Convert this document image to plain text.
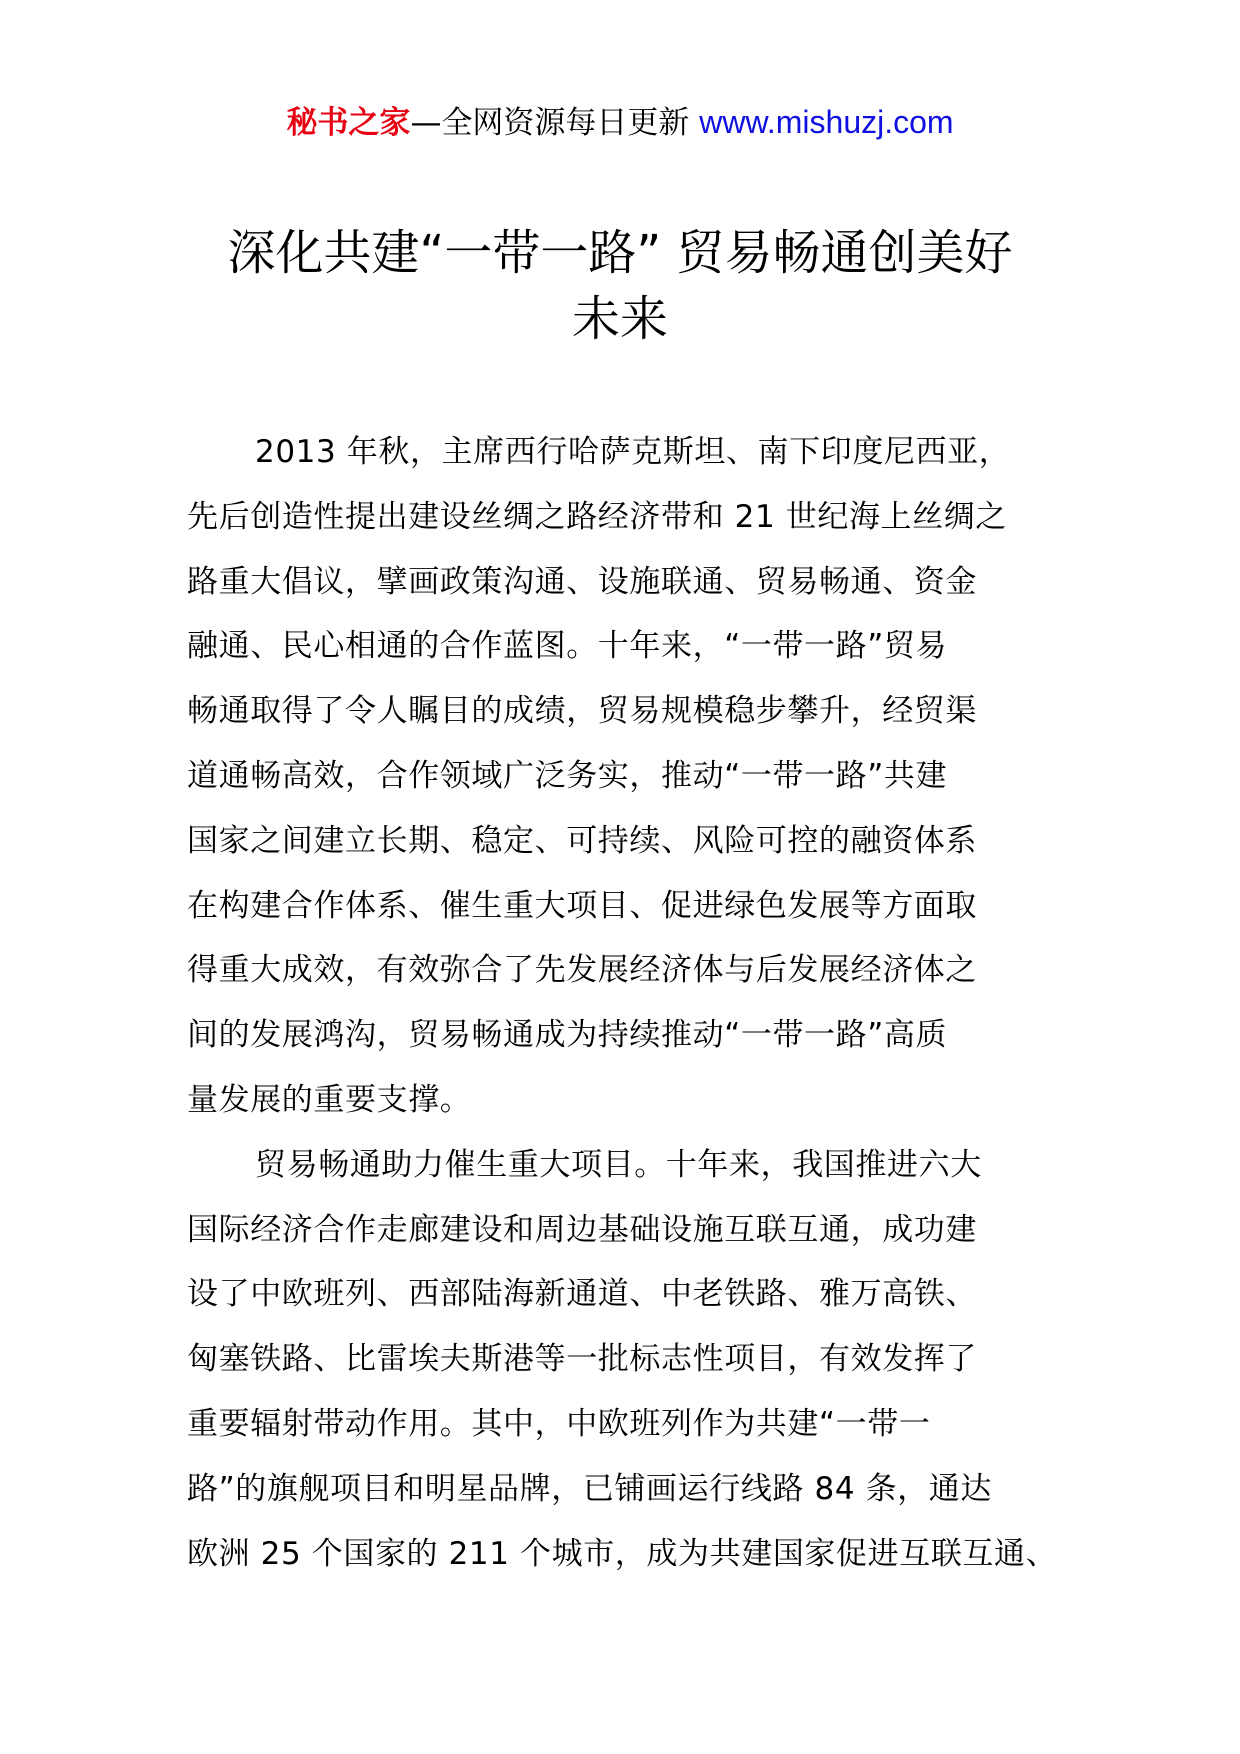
秘书之家—全网资源每日更新 www.mishuzj.com
深化共建“一带一路” 贸易畅通创美好
未来
2013 年秋，主席西行哈萨克斯坦、南下印度尼西亚，
先后创造性提出建设丝绸之路经济带和 21 世纪海上丝绸之
路重大倡议，擘画政策沟通、设施联通、贸易畅通、资金
融通、民心相通的合作蓝图。十年来，“一带一路”贸易
畅通取得了令人瞩目的成绩，贸易规模稳步攀升，经贸渠
道通畅高效，合作领域广泛务实，推动“一带一路”共建
国家之间建立长期、稳定、可持续、风险可控的融资体系
在构建合作体系、催生重大项目、促进绿色发展等方面取
得重大成效，有效弥合了先发展经济体与后发展经济体之
间的发展鸿沟，贸易畅通成为持续推动“一带一路”高质
量发展的重要支撑。
贸易畅通助力催生重大项目。十年来，我国推进六大
国际经济合作走廊建设和周边基础设施互联互通，成功建
设了中欧班列、西部陆海新通道、中老铁路、雅万高铁、
匈塞铁路、比雷埃夫斯港等一批标志性项目，有效发挥了
重要辐射带动作用。其中，中欧班列作为共建“一带一
路”的旗舰项目和明星品牌，已铺画运行线路 84 条，通达
欧洲 25 个国家的 211 个城市，成为共建国家促进互联互通、
